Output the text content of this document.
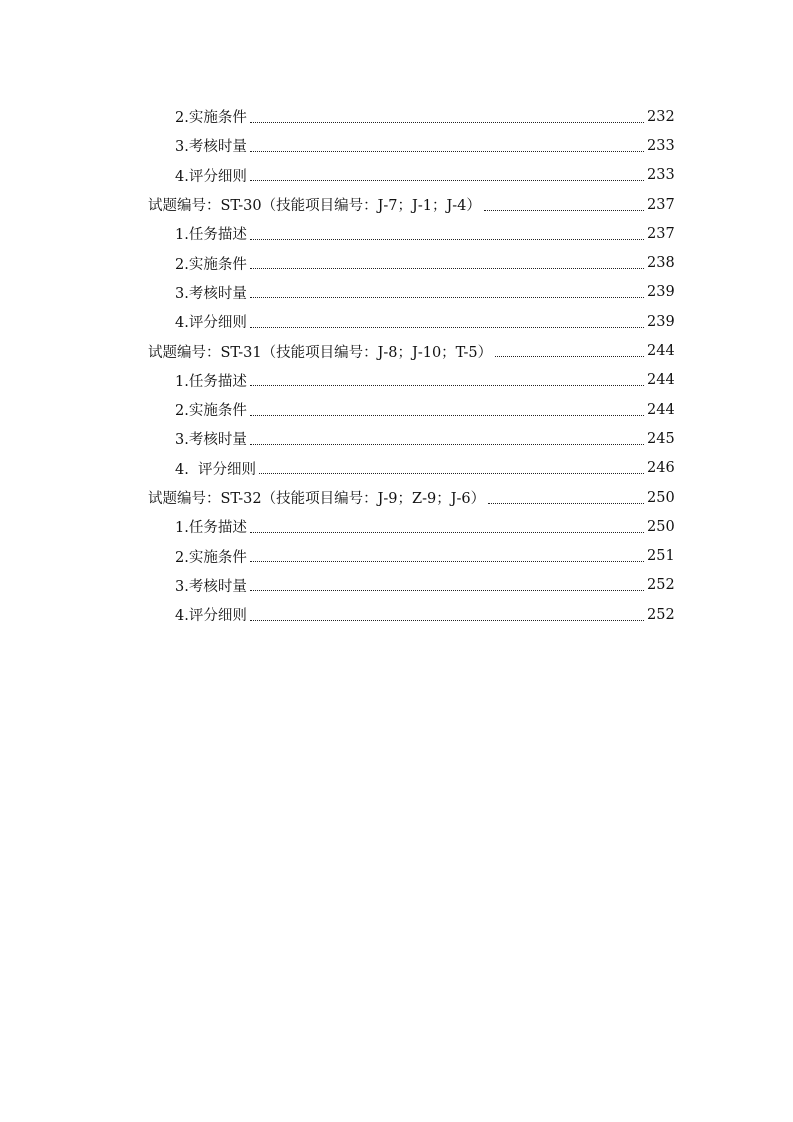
2.实施条件	232
3.考核时量	233
4.评分细则	233
试题编号：ST-30（技能项目编号：J-7；J-1；J-4）	237
1.任务描述	237
2.实施条件	238
3.考核时量	239
4.评分细则	239
试题编号：ST-31（技能项目编号：J-8；J-10；T-5）	244
1.任务描述	244
2.实施条件	244
3.考核时量	245
4.  评分细则	246
试题编号：ST-32（技能项目编号：J-9；Z-9；J-6）	250
1.任务描述	250
2.实施条件	251
3.考核时量	252
4.评分细则	252
